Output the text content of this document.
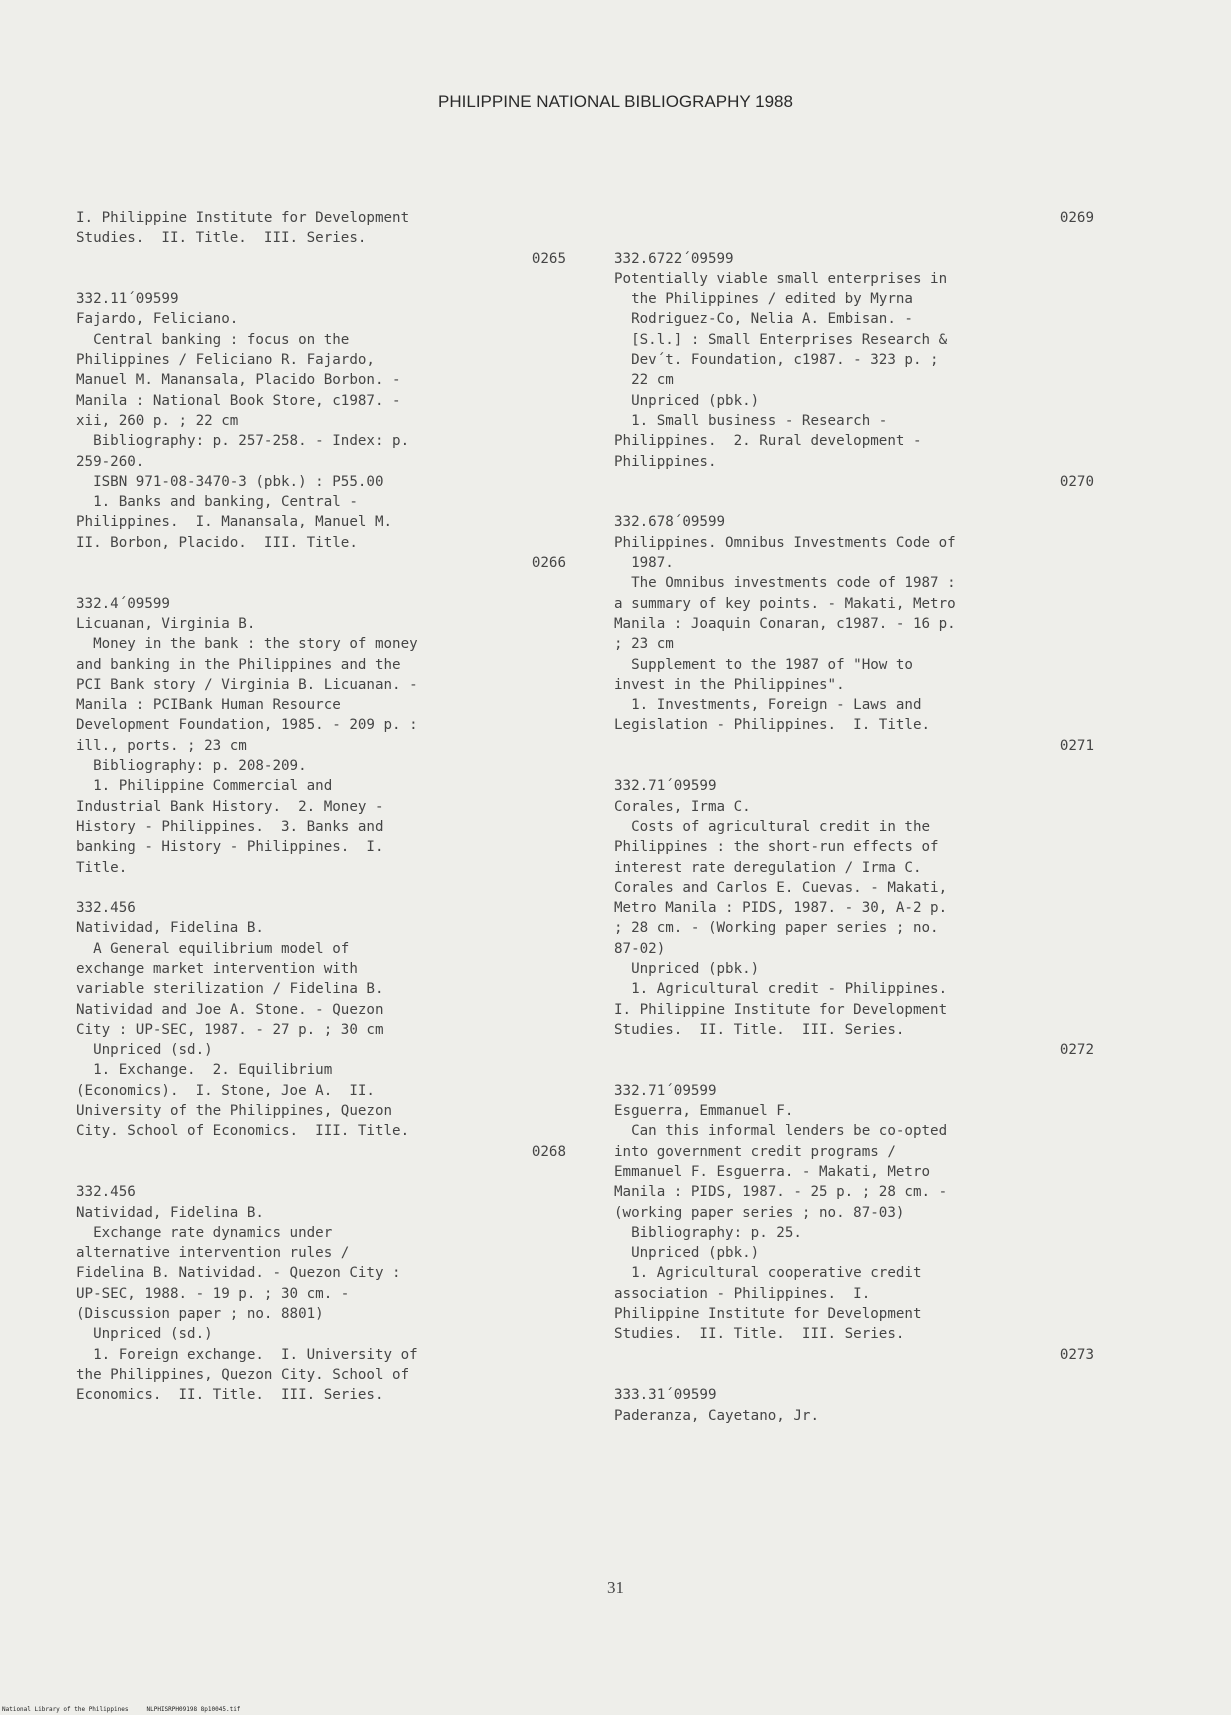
PHILIPPINE NATIONAL BIBLIOGRAPHY 1988
I. Philippine Institute for Development
Studies.  II. Title.  III. Series.
0265
332.11´09599
Fajardo, Feliciano.
Central banking : focus on the
Philippines / Feliciano R. Fajardo,
Manuel M. Manansala, Placido Borbon. -
Manila : National Book Store, c1987. -
xii, 260 p. ; 22 cm
Bibliography: p. 257-258. - Index: p.
259-260.
ISBN 971-08-3470-3 (pbk.) : P55.00
1. Banks and banking, Central -
Philippines.  I. Manansala, Manuel M.
II. Borbon, Placido.  III. Title.
0266
332.4´09599
Licuanan, Virginia B.
Money in the bank : the story of money
and banking in the Philippines and the
PCI Bank story / Virginia B. Licuanan. -
Manila : PCIBank Human Resource
Development Foundation, 1985. - 209 p. :
ill., ports. ; 23 cm
Bibliography: p. 208-209.
1. Philippine Commercial and
Industrial Bank History.  2. Money -
History - Philippines.  3. Banks and
banking - History - Philippines.  I.
Title.
332.456
Natividad, Fidelina B.
A General equilibrium model of
exchange market intervention with
variable sterilization / Fidelina B.
Natividad and Joe A. Stone. - Quezon
City : UP-SEC, 1987. - 27 p. ; 30 cm
Unpriced (sd.)
1. Exchange.  2. Equilibrium
(Economics).  I. Stone, Joe A.  II.
University of the Philippines, Quezon
City. School of Economics.  III. Title.
0268
332.456
Natividad, Fidelina B.
Exchange rate dynamics under
alternative intervention rules /
Fidelina B. Natividad. - Quezon City :
UP-SEC, 1988. - 19 p. ; 30 cm. -
(Discussion paper ; no. 8801)
Unpriced (sd.)
1. Foreign exchange.  I. University of
the Philippines, Quezon City. School of
Economics.  II. Title.  III. Series.
0269
332.6722´09599
Potentially viable small enterprises in
the Philippines / edited by Myrna
Rodriguez-Co, Nelia A. Embisan. -
[S.l.] : Small Enterprises Research &
Dev´t. Foundation, c1987. - 323 p. ;
22 cm
Unpriced (pbk.)
1. Small business - Research -
Philippines.  2. Rural development -
Philippines.
0270
332.678´09599
Philippines. Omnibus Investments Code of
1987.
The Omnibus investments code of 1987 :
a summary of key points. - Makati, Metro
Manila : Joaquin Conaran, c1987. - 16 p.
; 23 cm
Supplement to the 1987 of "How to
invest in the Philippines".
1. Investments, Foreign - Laws and
Legislation - Philippines.  I. Title.
0271
332.71´09599
Corales, Irma C.
Costs of agricultural credit in the
Philippines : the short-run effects of
interest rate deregulation / Irma C.
Corales and Carlos E. Cuevas. - Makati,
Metro Manila : PIDS, 1987. - 30, A-2 p.
; 28 cm. - (Working paper series ; no.
87-02)
Unpriced (pbk.)
1. Agricultural credit - Philippines.
I. Philippine Institute for Development
Studies.  II. Title.  III. Series.
0272
332.71´09599
Esguerra, Emmanuel F.
Can this informal lenders be co-opted
into government credit programs /
Emmanuel F. Esguerra. - Makati, Metro
Manila : PIDS, 1987. - 25 p. ; 28 cm. -
(working paper series ; no. 87-03)
Bibliography: p. 25.
Unpriced (pbk.)
1. Agricultural cooperative credit
association - Philippines.  I.
Philippine Institute for Development
Studies.  II. Title.  III. Series.
0273
333.31´09599
Paderanza, Cayetano, Jr.
31
National Library of the Philippines     NLPHISRPH09198 8p10045.tif
